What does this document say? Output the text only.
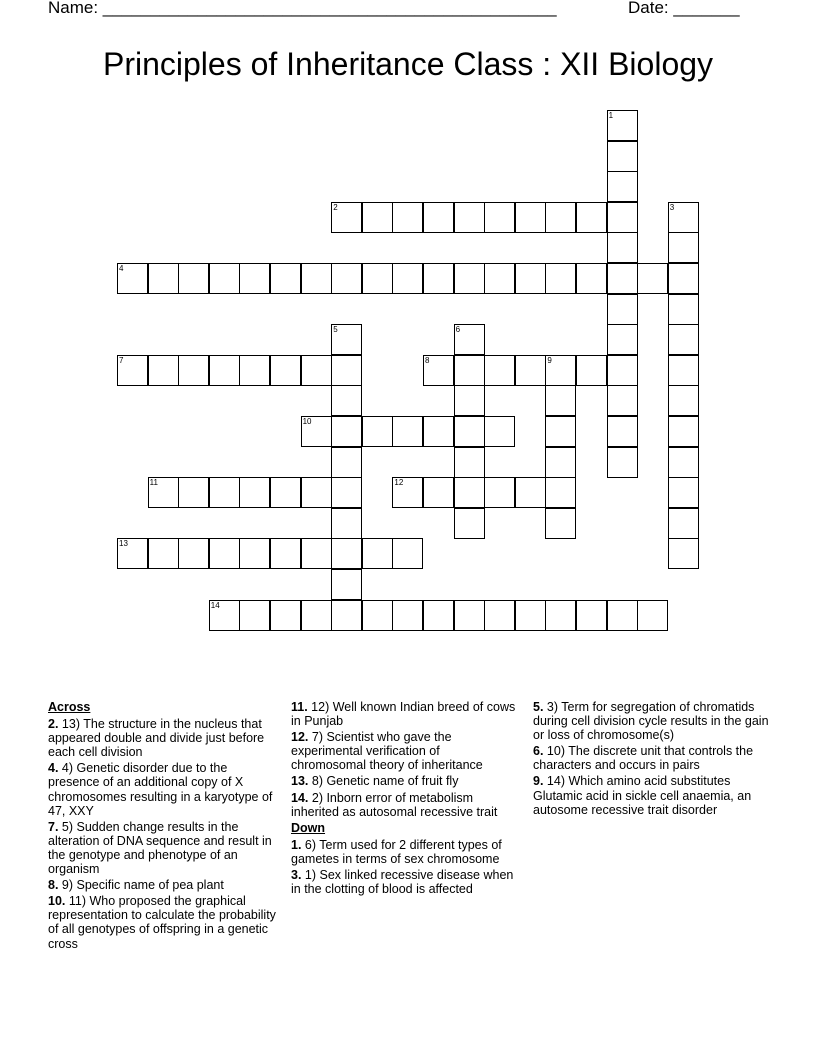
Name: ________________________________________________	Date: _______
Principles of Inheritance Class : XII Biology
1
2	3
4
5	6
7	8	9
10
11	12
13
14
Across
2. 13) The structure in the nucleus that appeared double and divide just before each cell division
4. 4) Genetic disorder due to the presence of an additional copy of X chromosomes resulting in a karyotype of 47, XXY
7. 5) Sudden change results in the alteration of DNA sequence and result in the genotype and phenotype of an organism
8. 9) Specific name of pea plant
10. 11) Who proposed the graphical representation to calculate the probability of all genotypes of offspring in a genetic cross
11. 12) Well known Indian breed of cows in Punjab
12. 7) Scientist who gave the experimental verification of chromosomal theory of inheritance
13. 8) Genetic name of fruit fly
14. 2) Inborn error of metabolism inherited as autosomal recessive trait
Down
1. 6) Term used for 2 different types of gametes in terms of sex chromosome
3. 1) Sex linked recessive disease when in the clotting of blood is affected
5. 3) Term for segregation of chromatids during cell division cycle results in the gain or loss of chromosome(s)
6. 10) The discrete unit that controls the characters and occurs in pairs
9. 14) Which amino acid substitutes Glutamic acid in sickle cell anaemia, an autosome recessive trait disorder
